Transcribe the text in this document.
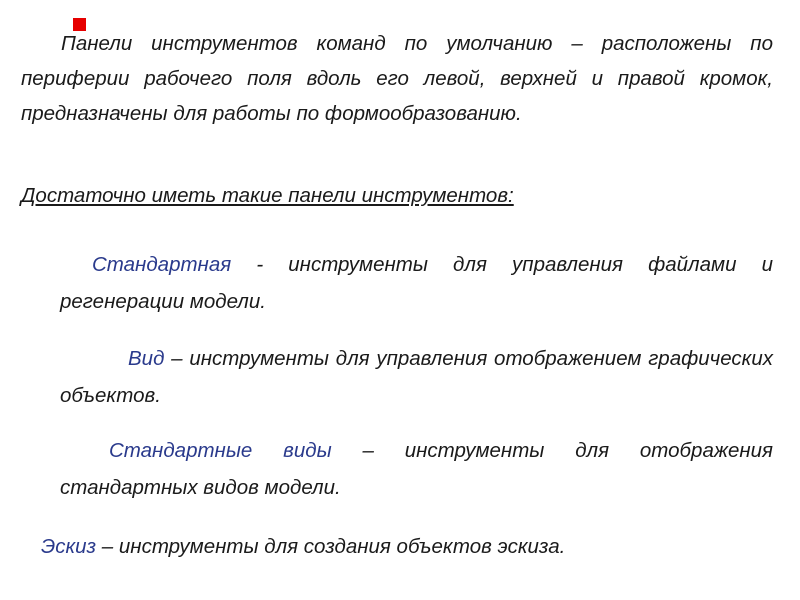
Панели инструментов команд по умолчанию – расположены по периферии рабочего поля вдоль его левой, верхней и правой кромок, предназначены для работы по формообразованию.

Достаточно иметь такие панели инструментов:

Стандартная - инструменты для управления файлами и регенерации модели.

Вид – инструменты для управления отображением графических объектов.

Стандартные виды – инструменты для отображения стандартных видов модели.

Эскиз – инструменты для создания объектов эскиза.
